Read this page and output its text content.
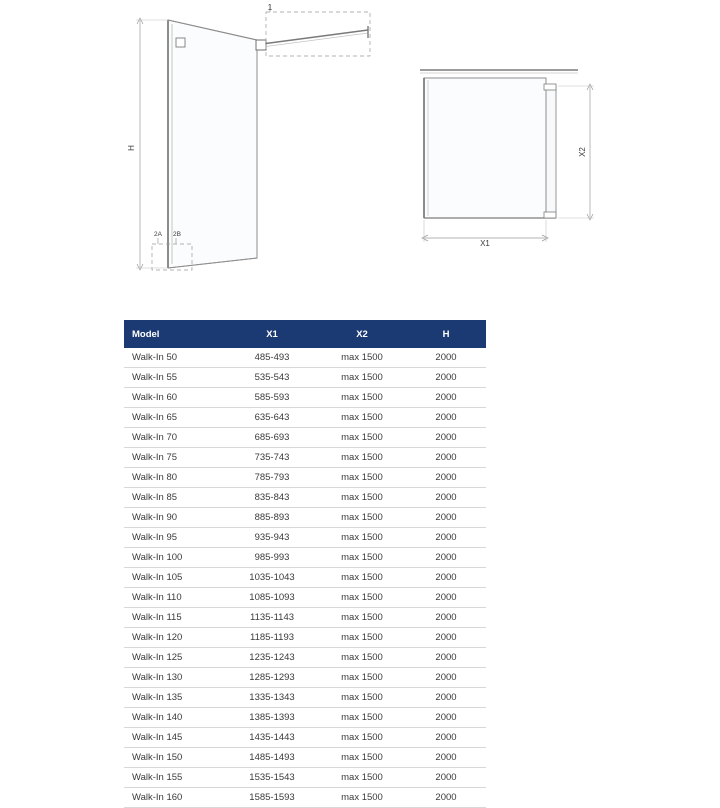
H
1
2A 2B
X1
X2
Model	X1	X2	H
Walk-In 50	485-493	max 1500	2000
Walk-In 55	535-543	max 1500	2000
Walk-In 60	585-593	max 1500	2000
Walk-In 65	635-643	max 1500	2000
Walk-In 70	685-693	max 1500	2000
Walk-In 75	735-743	max 1500	2000
Walk-In 80	785-793	max 1500	2000
Walk-In 85	835-843	max 1500	2000
Walk-In 90	885-893	max 1500	2000
Walk-In 95	935-943	max 1500	2000
Walk-In 100	985-993	max 1500	2000
Walk-In 105	1035-1043	max 1500	2000
Walk-In 110	1085-1093	max 1500	2000
Walk-In 115	1135-1143	max 1500	2000
Walk-In 120	1185-1193	max 1500	2000
Walk-In 125	1235-1243	max 1500	2000
Walk-In 130	1285-1293	max 1500	2000
Walk-In 135	1335-1343	max 1500	2000
Walk-In 140	1385-1393	max 1500	2000
Walk-In 145	1435-1443	max 1500	2000
Walk-In 150	1485-1493	max 1500	2000
Walk-In 155	1535-1543	max 1500	2000
Walk-In 160	1585-1593	max 1500	2000
